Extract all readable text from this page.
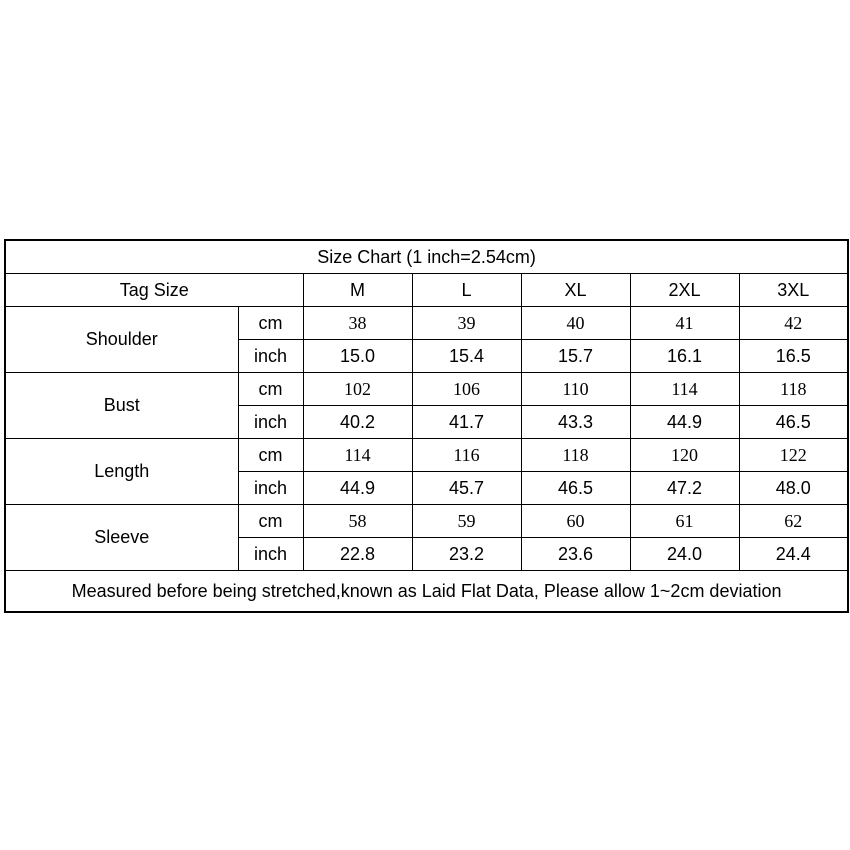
Size Chart (1 inch=2.54cm)						
Tag Size		M	L	XL	2XL	3XL
Shoulder	cm	38	39	40	41	42
	inch	15.0	15.4	15.7	16.1	16.5
Bust	cm	102	106	110	114	118
	inch	40.2	41.7	43.3	44.9	46.5
Length	cm	114	116	118	120	122
	inch	44.9	45.7	46.5	47.2	48.0
Sleeve	cm	58	59	60	61	62
	inch	22.8	23.2	23.6	24.0	24.4
Measured before being stretched,known as Laid Flat Data, Please allow 1~2cm deviation						
